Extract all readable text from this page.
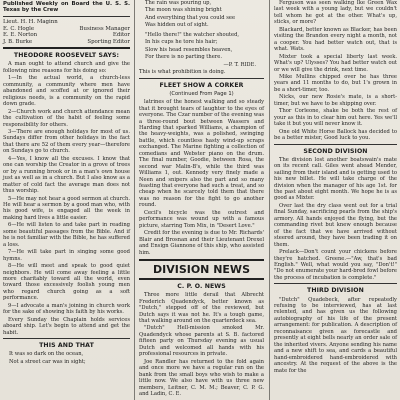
Published Weekly on Board the U. S. S. Texas by the Crew
Lieut. H. H. Maginn
E. C. Hogle	Business Manager
E. E. Norton	Editor
J. B. Burke	Sporting Editor
THEODORE ROOSEVELT SAYS:

A man ought to attend church and give the following nine reasons for his doing so:

1—In the actual world, a church-less community, a community where men have abandoned and scoffed at or ignored their religious needs, is a community on the rapid down grade.

2—Church work and church attendance mean the cultivation of the habit of feeling some responsibility for others.

3—There are enough holidays for most of us. Sundays differ from other holidays in the fact that there are 52 of them every year—therefore on Sundays go to church.

4—Yes, I know all the excuses. I know that one can worship the Creator in a grove of trees or by a running brook or in a man's own house just as well as in a church. But I also know as a matter of cold fact the average man does not thus worship.

5—He may not hear a good sermon at church. He will hear a sermon by a good man who, with his good wife, is engaged all the week in making hard lives a little easier.

6—He will listen to and take part in reading some beautiful passages from the Bible. And if he is not familiar with the Bible, he has suffered a loss.

7—He will take part in singing some good hymns.

8—He will meet and speak to good quiet neighbors. He will come away feeling a little more charitably toward all the world, even toward those excessively foolish young men who regard church going as a soft performance.

9—I advocate a man's joining in church work for the sake of showing his faith by his works.

Every Sunday the Chaplain holds services aboard ship. Let's begin to attend and get the habit.

THIS AND THAT

It was so dark on the ocean,

Not a street car was in sight;

The rain was pouring up,

The moon was shining bright

And everything that you could see

Was hidden out of sight.

"Hello there!" the watcher shouted,

In his cups he tore his hair;

Slow his head resembles heaven,

For there is no parting there.

—P. T. RIDE.

This is what prohibition is doing.

FLEET SHOW A CORKER
(Continued From Page 1)

latrines of the honest walking and so steady that it brought tears of laughter to the eyes of everyone. The Czar number of the evening was a three-round bout between Wassers and Harding that sparked Williams, a champion of the heavy-weights, was a polished, swinging battle, which countless hasty wind-up scraps exchanged. The Marine fighting a collection of comedians and Webster piano on the drum. The final number, Goodie, between Rosa, the second war Malin-B's, while the third was Williams 1, out. Kennedy very finely made a Neen and snipers also the part and so many feasting that everyone had such a treat, and so cheap when he scarcely told them that there was no reason for the fight to go another round.

Cecil's bicycle was the outrest and performance was wound up with a famous picture, starring Tom Mix, in "Desert Love."

Credit for the evening is due to Mr. Richards' Blair and Brosnan and their Lieutenant Drexel and Ensign Giannone of this ship, who assisted him.

DIVISION NEWS
C. P. O. NEWS

Three more little derail that Albrecht Frederich Quadendyck, better known as "Dutch," stepped off of the reviewed, but Dutch says it was not he. It's a tough game, that walking around on the quarterdeck sea.

"Dutch" Hell-mission smoked Mr. Quadendyck whose parents at S. B. factored fifteen party on Thursday evening as usual Dutch and welcomed all hands with his professional resources in private.

Joe Randler has returned to the fold again and once more we have a regular run on the bank from the small boys who wish to make a little now. We also have with us three new members, Leitner, C. M. M.; Beaver, C. P. G. and Ladin, C. E.

Ferguson was seen walking Ike Green Wax last week with a young lady, but we couldn't tell whom he got at the other. What's up, sticks, or more?

Blackard, better known as Blacker, has been visiting the Brandon every night a month, not a cooper. You had better watch out, that is what. Wats.

Mixter took a special liberty last week. What's up? Ulysses? You had better watch out or we will give the drink, next time.

Mike Mullins chipped over he has three years and 11 months to do, but 1's grown in be a short-timer, too.

Nicks, our new Rosie's mate, is a short-timer, but we have to be shipping over.

Thor Corleone, shake be both the rest of your as this in to clear him out here. Yes we'll take it but you will never know it.

One old White Horse Ballock has decided to be a better mister, Good luck to you.

SECOND DIVISION

The division lost another boatswain's mate on its recent call. Giles went ahead Mender, sailing from their island and is getting used to his new billet. He will take charge of the division when the manager of his age 1st. for the past about eight month. We hope he is as good as Mixter.

Over last the dry class went out for a trial final Sunday, sacrificing pearls from the ship's armory. All hands enjoyed the flying, but the commanding rivet but knew enough because of the fact that we have arrived without steered around, they have been trading it on them.

Prelack—Don't count your chickens before they're hatched. Greene.—"Aw, that's bad English." Well, what would you say, "Don't!" "Do not enumerate your hard-bred fowl before the process of incubation is complete."

THIRD DIVISION

"Dutch" Quadebeck, after repeatedly refusing to be interviewed, has at last relented, and has given us the following autobiography of his life of the present arrangement: for publication. A description of reconnaisance given as forecastle and presently at eight bells nearly an order sale of the inherited vivers. Anyone sending his name and a new shift to sea, and cards a beautiful hand-embroidered hand-embroidered with ancestry. At the request of the above is the mate for the
